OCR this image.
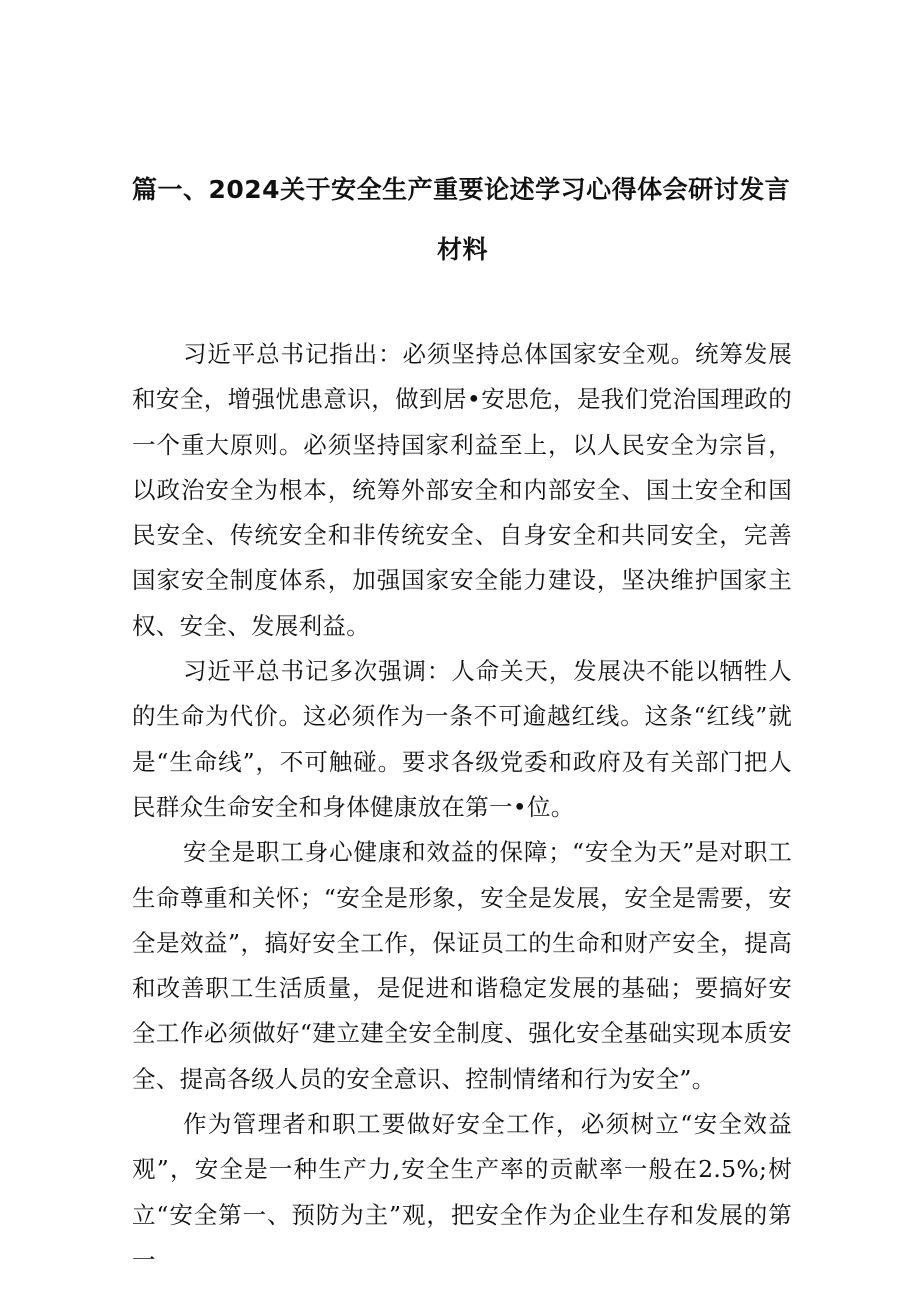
篇一、2024关于安全生产重要论述学习心得体会研讨发言
材料

习近平总书记指出：必须坚持总体国家安全观。统筹发展和安全，增强忧患意识，做到居•安思危，是我们党治国理政的一个重大原则。必须坚持国家利益至上，以人民安全为宗旨，以政治安全为根本，统筹外部安全和内部安全、国土安全和国民安全、传统安全和非传统安全、自身安全和共同安全，完善国家安全制度体系，加强国家安全能力建设，坚决维护国家主权、安全、发展利益。

习近平总书记多次强调：人命关天，发展决不能以牺牲人的生命为代价。这必须作为一条不可逾越红线。这条“红线”就是“生命线”，不可触碰。要求各级党委和政府及有关部门把人民群众生命安全和身体健康放在第一•位。

安全是职工身心健康和效益的保障；“安全为天”是对职工生命尊重和关怀；“安全是形象，安全是发展，安全是需要，安全是效益”，搞好安全工作，保证员工的生命和财产安全，提高和改善职工生活质量，是促进和谐稳定发展的基础；要搞好安全工作必须做好“建立建全安全制度、强化安全基础实现本质安全、提高各级人员的安全意识、控制情绪和行为安全”。

作为管理者和职工要做好安全工作，必须树立“安全效益观”，安全是一种生产力,安全生产率的贡献率一般在2.5%;树立“安全第一、预防为主”观，把安全作为企业生存和发展的第一
